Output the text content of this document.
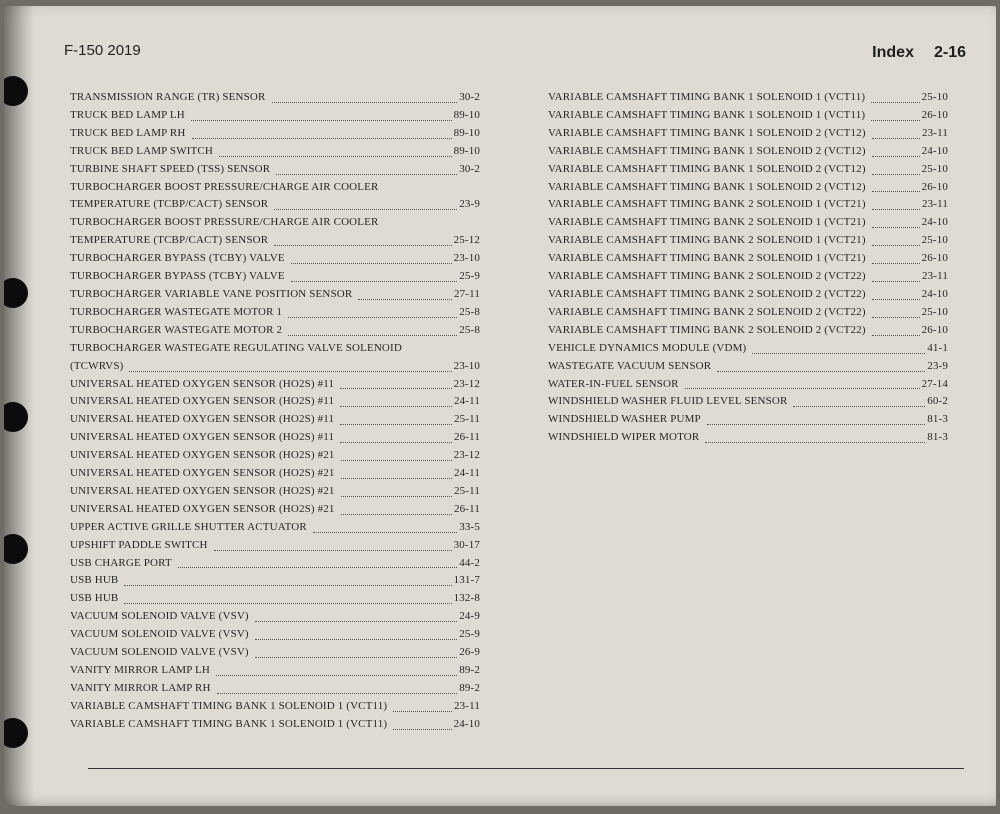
F-150 2019	Index 2-16
TRANSMISSION RANGE (TR) SENSOR	30-2
TRUCK BED LAMP LH	89-10
TRUCK BED LAMP RH	89-10
TRUCK BED LAMP SWITCH	89-10
TURBINE SHAFT SPEED (TSS) SENSOR	30-2
TURBOCHARGER BOOST PRESSURE/CHARGE AIR COOLER
TEMPERATURE (TCBP/CACT) SENSOR	23-9
TURBOCHARGER BOOST PRESSURE/CHARGE AIR COOLER
TEMPERATURE (TCBP/CACT) SENSOR	25-12
TURBOCHARGER BYPASS (TCBY) VALVE	23-10
TURBOCHARGER BYPASS (TCBY) VALVE	25-9
TURBOCHARGER VARIABLE VANE POSITION SENSOR	27-11
TURBOCHARGER WASTEGATE MOTOR 1	25-8
TURBOCHARGER WASTEGATE MOTOR 2	25-8
TURBOCHARGER WASTEGATE REGULATING VALVE SOLENOID
(TCWRVS)	23-10
UNIVERSAL HEATED OXYGEN SENSOR (HO2S) #11	23-12
UNIVERSAL HEATED OXYGEN SENSOR (HO2S) #11	24-11
UNIVERSAL HEATED OXYGEN SENSOR (HO2S) #11	25-11
UNIVERSAL HEATED OXYGEN SENSOR (HO2S) #11	26-11
UNIVERSAL HEATED OXYGEN SENSOR (HO2S) #21	23-12
UNIVERSAL HEATED OXYGEN SENSOR (HO2S) #21	24-11
UNIVERSAL HEATED OXYGEN SENSOR (HO2S) #21	25-11
UNIVERSAL HEATED OXYGEN SENSOR (HO2S) #21	26-11
UPPER ACTIVE GRILLE SHUTTER ACTUATOR	33-5
UPSHIFT PADDLE SWITCH	30-17
USB CHARGE PORT	44-2
USB HUB	131-7
USB HUB	132-8
VACUUM SOLENOID VALVE (VSV)	24-9
VACUUM SOLENOID VALVE (VSV)	25-9
VACUUM SOLENOID VALVE (VSV)	26-9
VANITY MIRROR LAMP LH	89-2
VANITY MIRROR LAMP RH	89-2
VARIABLE CAMSHAFT TIMING BANK 1 SOLENOID 1 (VCT11)	23-11
VARIABLE CAMSHAFT TIMING BANK 1 SOLENOID 1 (VCT11)	24-10
VARIABLE CAMSHAFT TIMING BANK 1 SOLENOID 1 (VCT11)	25-10
VARIABLE CAMSHAFT TIMING BANK 1 SOLENOID 1 (VCT11)	26-10
VARIABLE CAMSHAFT TIMING BANK 1 SOLENOID 2 (VCT12)	23-11
VARIABLE CAMSHAFT TIMING BANK 1 SOLENOID 2 (VCT12)	24-10
VARIABLE CAMSHAFT TIMING BANK 1 SOLENOID 2 (VCT12)	25-10
VARIABLE CAMSHAFT TIMING BANK 1 SOLENOID 2 (VCT12)	26-10
VARIABLE CAMSHAFT TIMING BANK 2 SOLENOID 1 (VCT21)	23-11
VARIABLE CAMSHAFT TIMING BANK 2 SOLENOID 1 (VCT21)	24-10
VARIABLE CAMSHAFT TIMING BANK 2 SOLENOID 1 (VCT21)	25-10
VARIABLE CAMSHAFT TIMING BANK 2 SOLENOID 1 (VCT21)	26-10
VARIABLE CAMSHAFT TIMING BANK 2 SOLENOID 2 (VCT22)	23-11
VARIABLE CAMSHAFT TIMING BANK 2 SOLENOID 2 (VCT22)	24-10
VARIABLE CAMSHAFT TIMING BANK 2 SOLENOID 2 (VCT22)	25-10
VARIABLE CAMSHAFT TIMING BANK 2 SOLENOID 2 (VCT22)	26-10
VEHICLE DYNAMICS MODULE (VDM)	41-1
WASTEGATE VACUUM SENSOR	23-9
WATER-IN-FUEL SENSOR	27-14
WINDSHIELD WASHER FLUID LEVEL SENSOR	60-2
WINDSHIELD WASHER PUMP	81-3
WINDSHIELD WIPER MOTOR	81-3
